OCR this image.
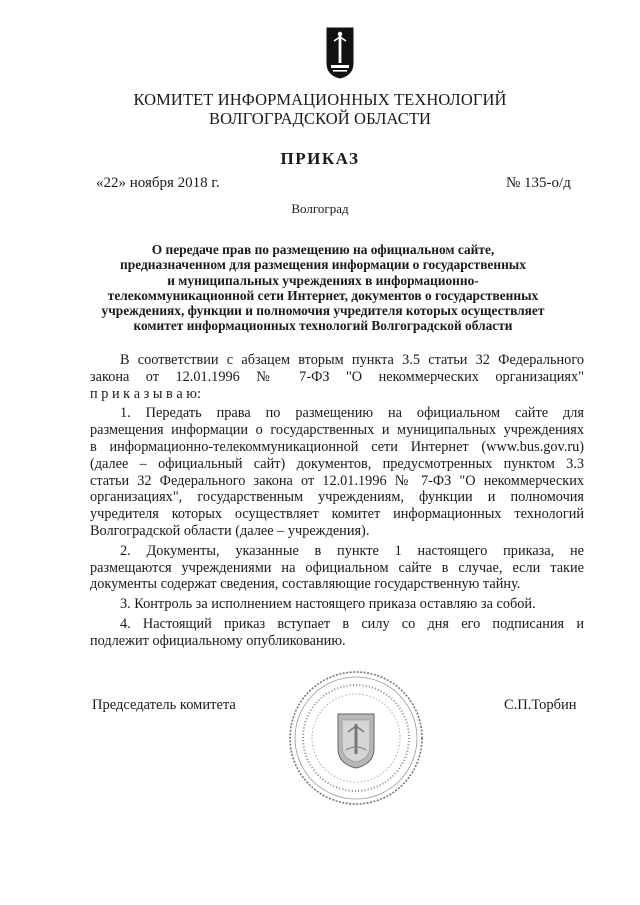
КОМИТЕТ ИНФОРМАЦИОННЫХ ТЕХНОЛОГИЙ
ВОЛГОГРАДСКОЙ ОБЛАСТИ
ПРИКАЗ
«22» ноября 2018 г.	№ 135-о/д
Волгоград
О передаче прав по размещению на официальном сайте,
предназначенном для размещения информации о государственных
и муниципальных учреждениях в информационно-
телекоммуникационной сети Интернет, документов о государственных
учреждениях, функции и полномочия учредителя которых осуществляет
комитет информационных технологий Волгоградской области
В соответствии с абзацем вторым пункта 3.5 статьи 32 Федерального
закона от 12.01.1996 № 7-ФЗ "О некоммерческих организациях"
п р и к а з ы в а ю:
1. Передать права по размещению на официальном сайте для
размещения информации о государственных и муниципальных учреждениях
в информационно-телекоммуникационной сети Интернет (www.bus.gov.ru)
(далее – официальный сайт) документов, предусмотренных пунктом 3.3
статьи 32 Федерального закона от 12.01.1996 № 7-ФЗ "О некоммерческих
организациях", государственным учреждениям, функции и полномочия
учредителя которых осуществляет комитет информационных технологий
Волгоградской области (далее – учреждения).
2. Документы, указанные в пункте 1 настоящего приказа, не
размещаются учреждениями на официальном сайте в случае, если такие
документы содержат сведения, составляющие государственную тайну.
3. Контроль за исполнением настоящего приказа оставляю за собой.
4. Настоящий приказ вступает в силу со дня его подписания и
подлежит официальному опубликованию.
Председатель комитета	С.П.Торбин
